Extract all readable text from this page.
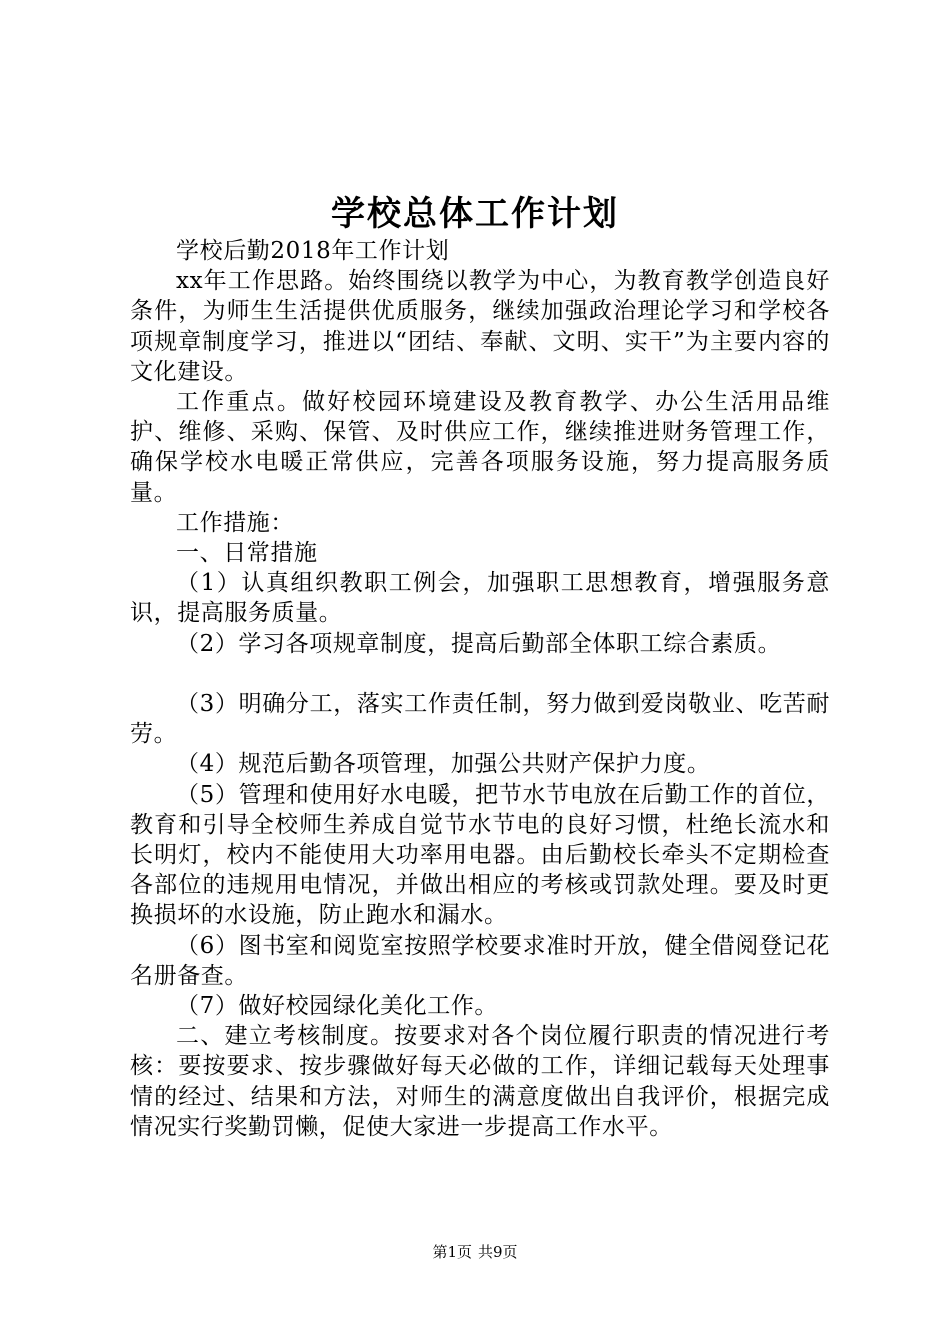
学校总体工作计划

学校后勤2018年工作计划

xx年工作思路。始终围绕以教学为中心，为教育教学创造良好条件，为师生生活提供优质服务，继续加强政治理论学习和学校各项规章制度学习，推进以“团结、奉献、文明、实干”为主要内容的文化建设。

工作重点。做好校园环境建设及教育教学、办公生活用品维护、维修、采购、保管、及时供应工作，继续推进财务管理工作，确保学校水电暖正常供应，完善各项服务设施，努力提高服务质量。

工作措施：

一、日常措施

（1）认真组织教职工例会，加强职工思想教育，增强服务意识，提高服务质量。

（2）学习各项规章制度，提高后勤部全体职工综合素质。

（3）明确分工，落实工作责任制，努力做到爱岗敬业、吃苦耐劳。

（4）规范后勤各项管理，加强公共财产保护力度。

（5）管理和使用好水电暖，把节水节电放在后勤工作的首位，教育和引导全校师生养成自觉节水节电的良好习惯，杜绝长流水和长明灯，校内不能使用大功率用电器。由后勤校长牵头不定期检查各部位的违规用电情况，并做出相应的考核或罚款处理。要及时更换损坏的水设施，防止跑水和漏水。

（6）图书室和阅览室按照学校要求准时开放，健全借阅登记花名册备查。

（7）做好校园绿化美化工作。

二、建立考核制度。按要求对各个岗位履行职责的情况进行考核：要按要求、按步骤做好每天必做的工作，详细记载每天处理事情的经过、结果和方法，对师生的满意度做出自我评价，根据完成情况实行奖勤罚懒，促使大家进一步提高工作水平。

第1页 共9页
